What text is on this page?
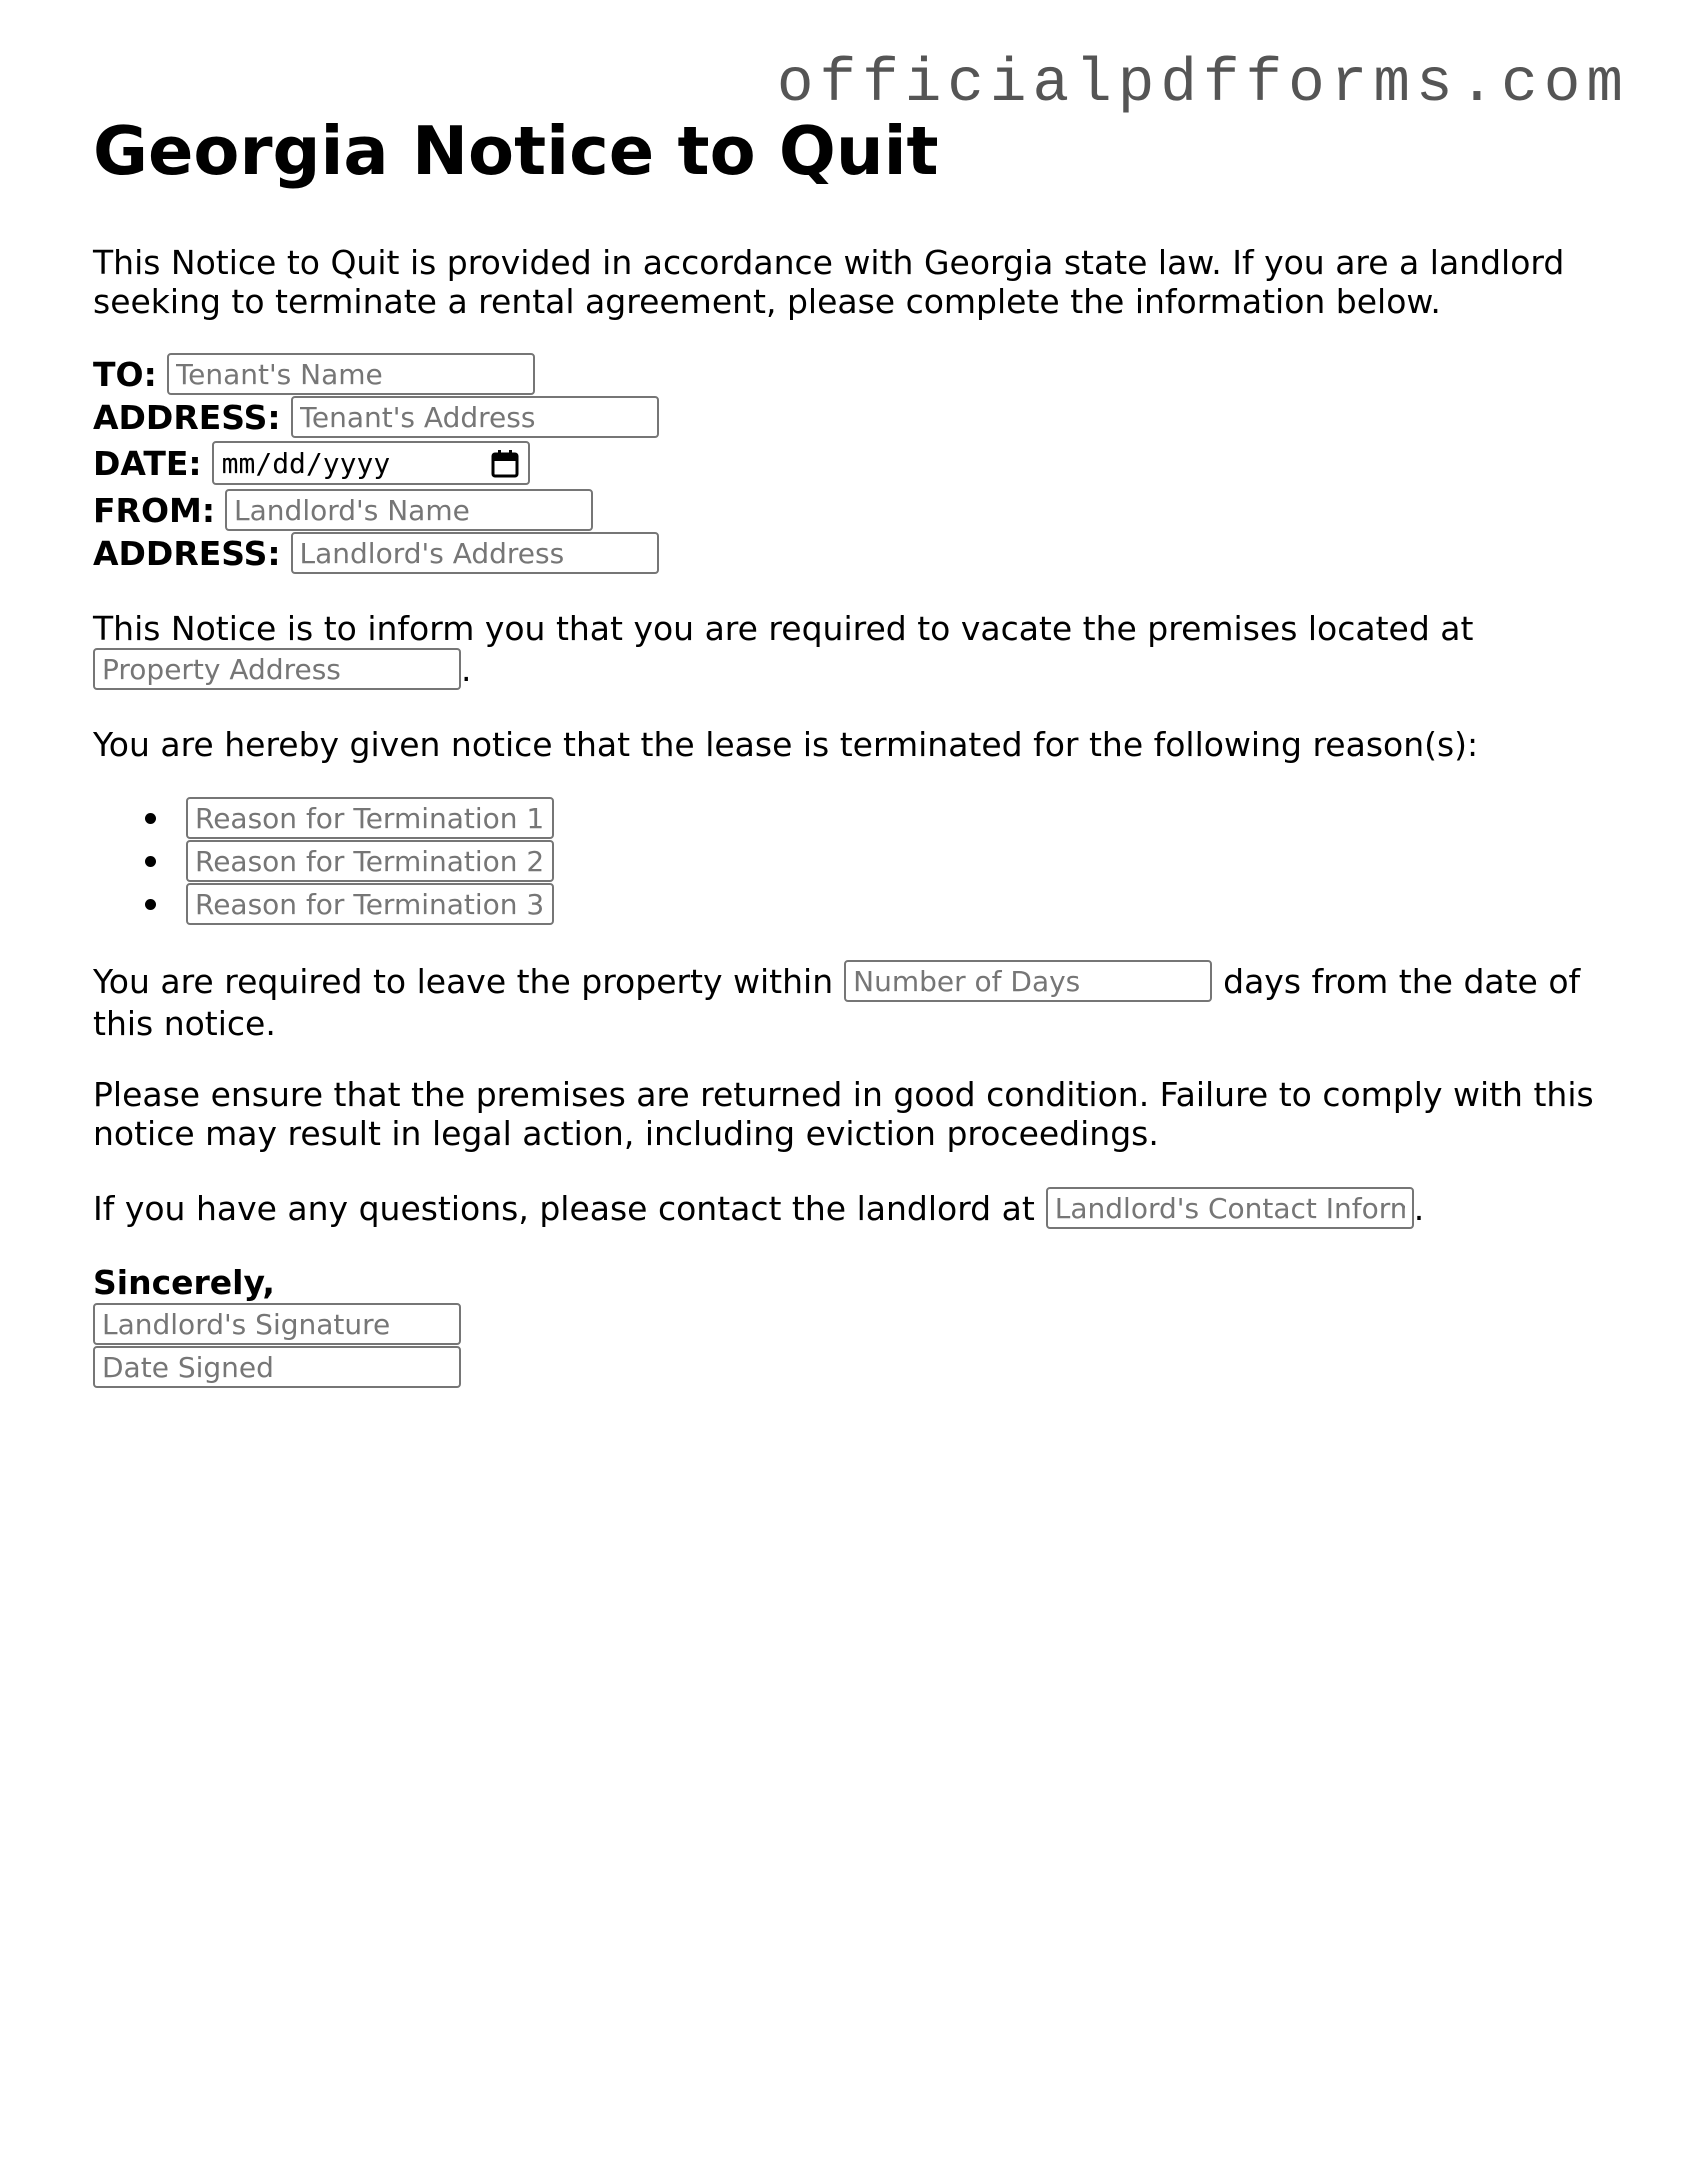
officialpdfforms.com
Georgia Notice to Quit
This Notice to Quit is provided in accordance with Georgia state law. If you are a landlord
seeking to terminate a rental agreement, please complete the information below.
TO:
Tenant's Name
ADDRESS:
Tenant's Address
DATE: mm/dd/yyyy
FROM:
Landlord's Name
ADDRESS:
Landlord's Address
This Notice is to inform you that you are required to vacate the premises located at
Property Address
.
You are hereby given notice that the lease is terminated for the following reason(s):
Reason for Termination 1
Reason for Termination 2
Reason for Termination 3
You are required to leave the property within
Number of Days	days from the date of
this notice.
Please ensure that the premises are returned in good condition. Failure to comply with this
notice may result in legal action, including eviction proceedings.
If you have any questions, please contact the landlord at
Landlord's Contact Information	.
Sincerely,
Landlord's Signature
Date Signed
